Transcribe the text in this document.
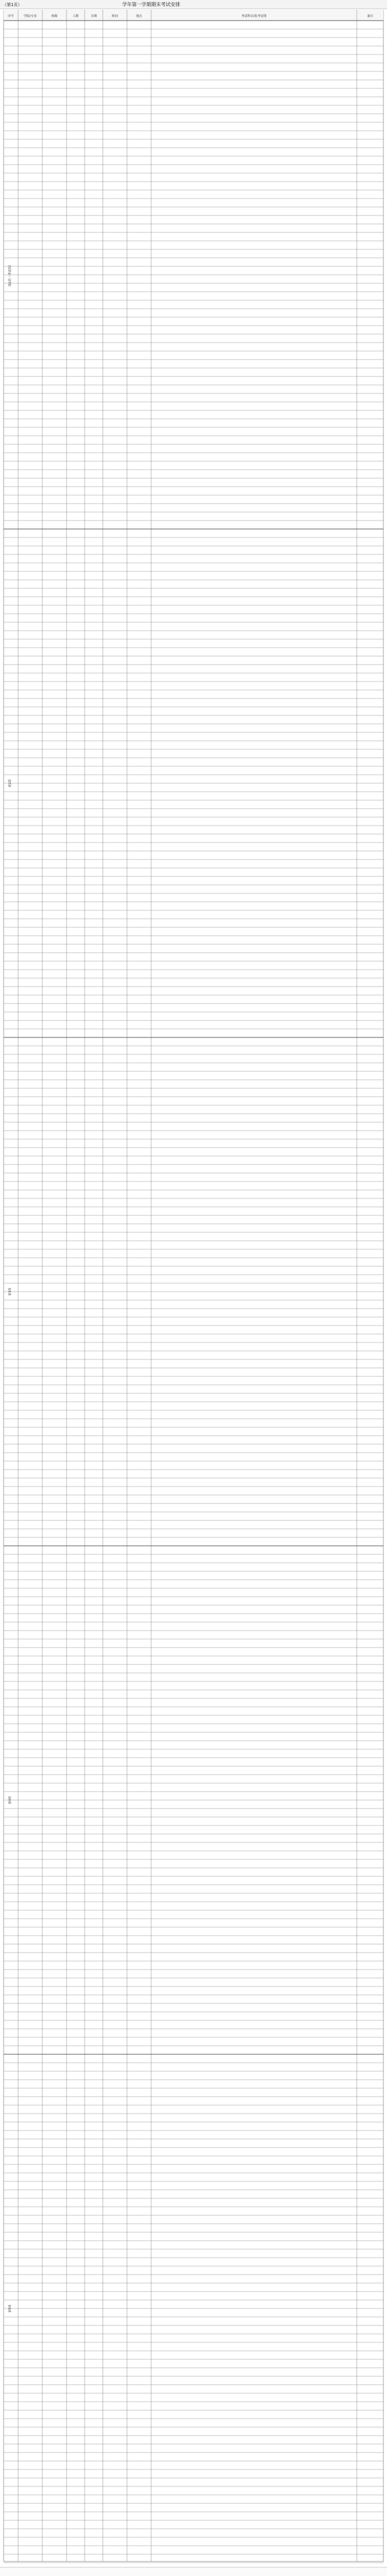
（第1页）	学年第一学期期末考试安排
序号	学院/专业	班级	人数	日期	时间	地点	考试科目/监考安排	备注
第1周（考试周）
第2周
第3周
第4周
第5周
